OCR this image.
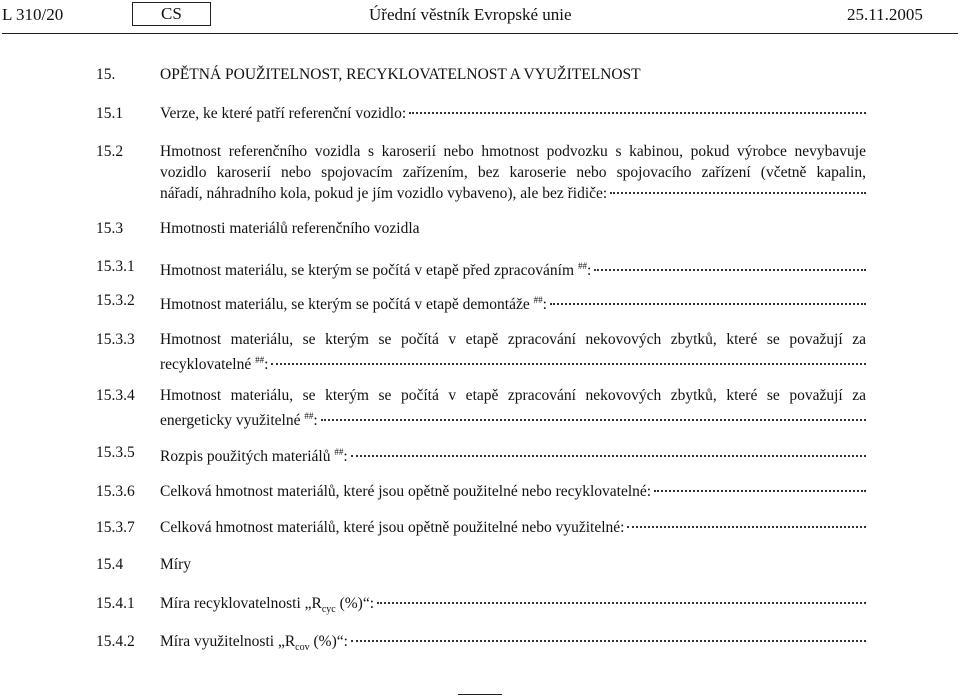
L 310/20	CS	Úřední věstník Evropské unie	25.11.2005
15.	OPĚTNÁ POUŽITELNOST, RECYKLOVATELNOST A VYUŽITELNOST
15.1 Verze, ke které patří referenční vozidlo:
15.2 Hmotnost referenčního vozidla s karoserií nebo hmotnost podvozku s kabinou, pokud výrobce nevybavuje vozidlo karoserií nebo spojovacím zařízením, bez karoserie nebo spojovacího zařízení (včetně kapalin,
nářadí, náhradního kola, pokud je jím vozidlo vybaveno), ale bez řidiče:
15.3 Hmotnosti materiálů referenčního vozidla
15.3.1 Hmotnost materiálu, se kterým se počítá v etapě před zpracováním ##:
15.3.2 Hmotnost materiálu, se kterým se počítá v etapě demontáže ##:
15.3.3 Hmotnost materiálu, se kterým se počítá v etapě zpracování nekovových zbytků, které se považují za
recyklovatelné ##:
15.3.4 Hmotnost materiálu, se kterým se počítá v etapě zpracování nekovových zbytků, které se považují za
energeticky využitelné ##:
15.3.5 Rozpis použitých materiálů ##:
15.3.6 Celková hmotnost materiálů, které jsou opětně použitelné nebo recyklovatelné:
15.3.7 Celková hmotnost materiálů, které jsou opětně použitelné nebo využitelné:
15.4 Míry
15.4.1 Míra recyklovatelnosti $„R_{cyc}$ (%)“:
15.4.2 Míra využitelnosti $„R_{cov}$ (%)“:
